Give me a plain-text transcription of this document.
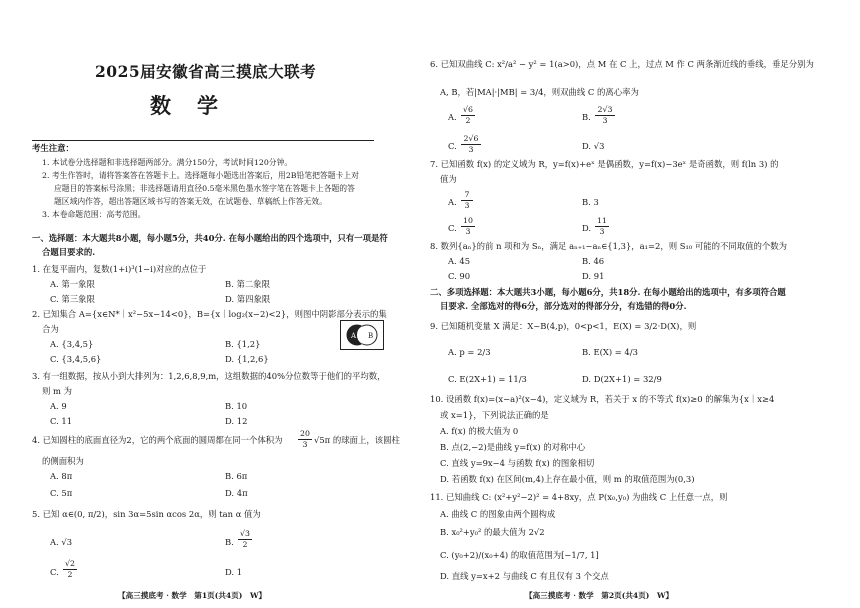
2025届安徽省高三摸底大联考
数学
考生注意：
1. 本试卷分选择题和非选择题两部分。满分150分，考试时间120分钟。
2. 考生作答时，请将答案答在答题卡上。选择题每小题选出答案后，用2B铅笔把答题卡上对
应题目的答案标号涂黑；非选择题请用直径0.5毫米黑色墨水签字笔在答题卡上各题的答
题区域内作答，超出答题区域书写的答案无效，在试题卷、草稿纸上作答无效。
3. 本卷命题范围：高考范围。
一、选择题：本大题共8小题，每小题5分，共40分. 在每小题给出的四个选项中，只有一项是符
合题目要求的.
1. 在复平面内，复数(1+i)³(1−i)对应的点位于
A. 第一象限	B. 第二象限
C. 第三象限	D. 第四象限
2. 已知集合 A={x∈N*｜x²−5x−14<0}，B={x｜log₂(x−2)<2}，则图中阴影部分表示的集
合为
A. {3,4,5}	B. {1,2}
C. {3,4,5,6}	D. {1,2,6}
A B
3. 有一组数据，按从小到大排列为：1,2,6,8,9,m，这组数据的40%分位数等于他们的平均数，
则 m 为
A. 9	B. 10
C. 11	D. 12
4. 已知圆柱的底面直径为2，它的两个底面的圆周都在同一个体积为
20
3 √5π 的球面上，该圆柱
的侧面积为
A. 8π	B. 6π
C. 5π	D. 4π
5. 已知 α∈(0, π/2)，sin 3α=5sin αcos 2α，则 tan α 值为
A. √3	B.
√3
2
C.
√2
2	D. 1
【高三摸底考 · 数学　第1页(共4页)　W】
6. 已知双曲线 C: x²/a² − y² = 1(a>0)，点 M 在 C 上，过点 M 作 C 两条渐近线的垂线，垂足分别为
A, B，若|MA|·|MB| = 3/4，则双曲线 C 的离心率为
A.
√6
2	B.
2√3
3
C.
2√6
3	D. √3
7. 已知函数 f(x) 的定义域为 R，y=f(x)+eˣ 是偶函数，y=f(x)−3eˣ 是奇函数，则 f(ln 3) 的
值为
A.
7
3	B. 3
C.
10
3	D.
11
3
8. 数列{aₙ}的前 n 项和为 Sₙ，满足 aₙ₊₁−aₙ∈{1,3}，a₁=2，则 S₁₀ 可能的不同取值的个数为
A. 45	B. 46
C. 90	D. 91
二、多项选择题：本大题共3小题，每小题6分，共18分. 在每小题给出的选项中，有多项符合题
目要求. 全部选对的得6分，部分选对的得部分分，有选错的得0分.
9. 已知随机变量 X 满足：X~B(4,p)，0<p<1，E(X) = 3/2·D(X)，则
A. p = 2/3	B. E(X) = 4/3
C. E(2X+1) = 11/3	D. D(2X+1) = 32/9
10. 设函数 f(x)=(x−a)²(x−4)，定义域为 R，若关于 x 的不等式 f(x)≥0 的解集为{x｜x≥4
或 x=1}，下列说法正确的是
A. f(x) 的极大值为 0
B. 点(2,−2)是曲线 y=f(x) 的对称中心
C. 直线 y=9x−4 与函数 f(x) 的图象相切
D. 若函数 f(x) 在区间(m,4)上存在最小值，则 m 的取值范围为(0,3)
11. 已知曲线 C: (x²+y²−2)² = 4+8xy，点 P(x₀,y₀) 为曲线 C 上任意一点，则
A. 曲线 C 的图象由两个圆构成
B. x₀²+y₀² 的最大值为 2√2
C. (y₀+2)/(x₀+4) 的取值范围为[−1/7, 1]
D. 直线 y=x+2 与曲线 C 有且仅有 3 个交点
【高三摸底考 · 数学　第2页(共4页)　W】
